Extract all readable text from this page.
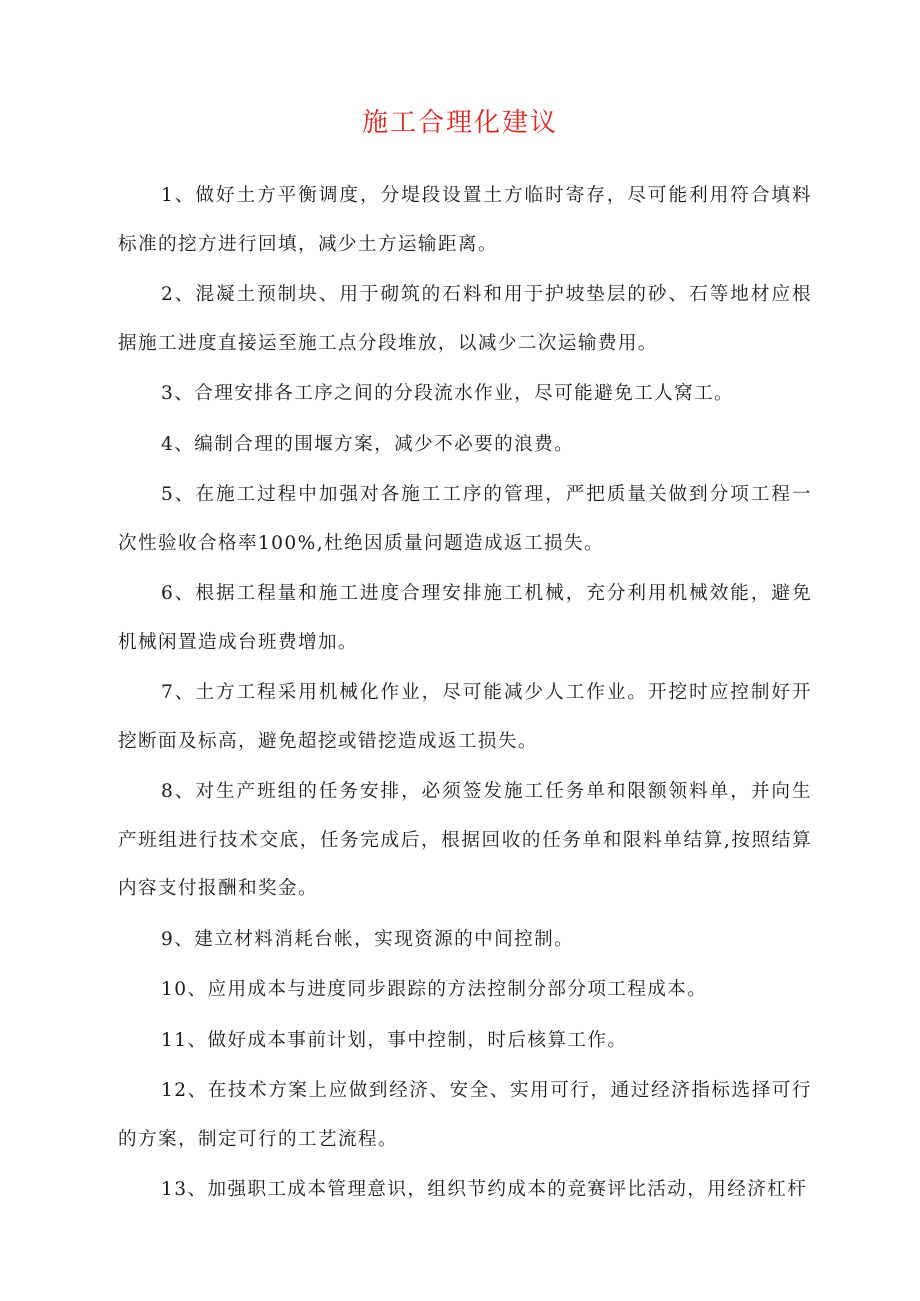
施工合理化建议

1、做好土方平衡调度，分堤段设置土方临时寄存，尽可能利用符合填料标准的挖方进行回填，减少土方运输距离。

2、混凝土预制块、用于砌筑的石料和用于护坡垫层的砂、石等地材应根据施工进度直接运至施工点分段堆放，以减少二次运输费用。

3、合理安排各工序之间的分段流水作业，尽可能避免工人窝工。

4、编制合理的围堰方案，减少不必要的浪费。

5、在施工过程中加强对各施工工序的管理，严把质量关做到分项工程一次性验收合格率100%,杜绝因质量问题造成返工损失。

6、根据工程量和施工进度合理安排施工机械，充分利用机械效能，避免机械闲置造成台班费增加。

7、土方工程采用机械化作业，尽可能减少人工作业。开挖时应控制好开挖断面及标高，避免超挖或错挖造成返工损失。

8、对生产班组的任务安排，必须签发施工任务单和限额领料单，并向生产班组进行技术交底，任务完成后，根据回收的任务单和限料单结算,按照结算内容支付报酬和奖金。

9、建立材料消耗台帐，实现资源的中间控制。

10、应用成本与进度同步跟踪的方法控制分部分项工程成本。

11、做好成本事前计划，事中控制，时后核算工作。

12、在技术方案上应做到经济、安全、实用可行，通过经济指标选择可行的方案，制定可行的工艺流程。

13、加强职工成本管理意识，组织节约成本的竞赛评比活动，用经济杠杆
